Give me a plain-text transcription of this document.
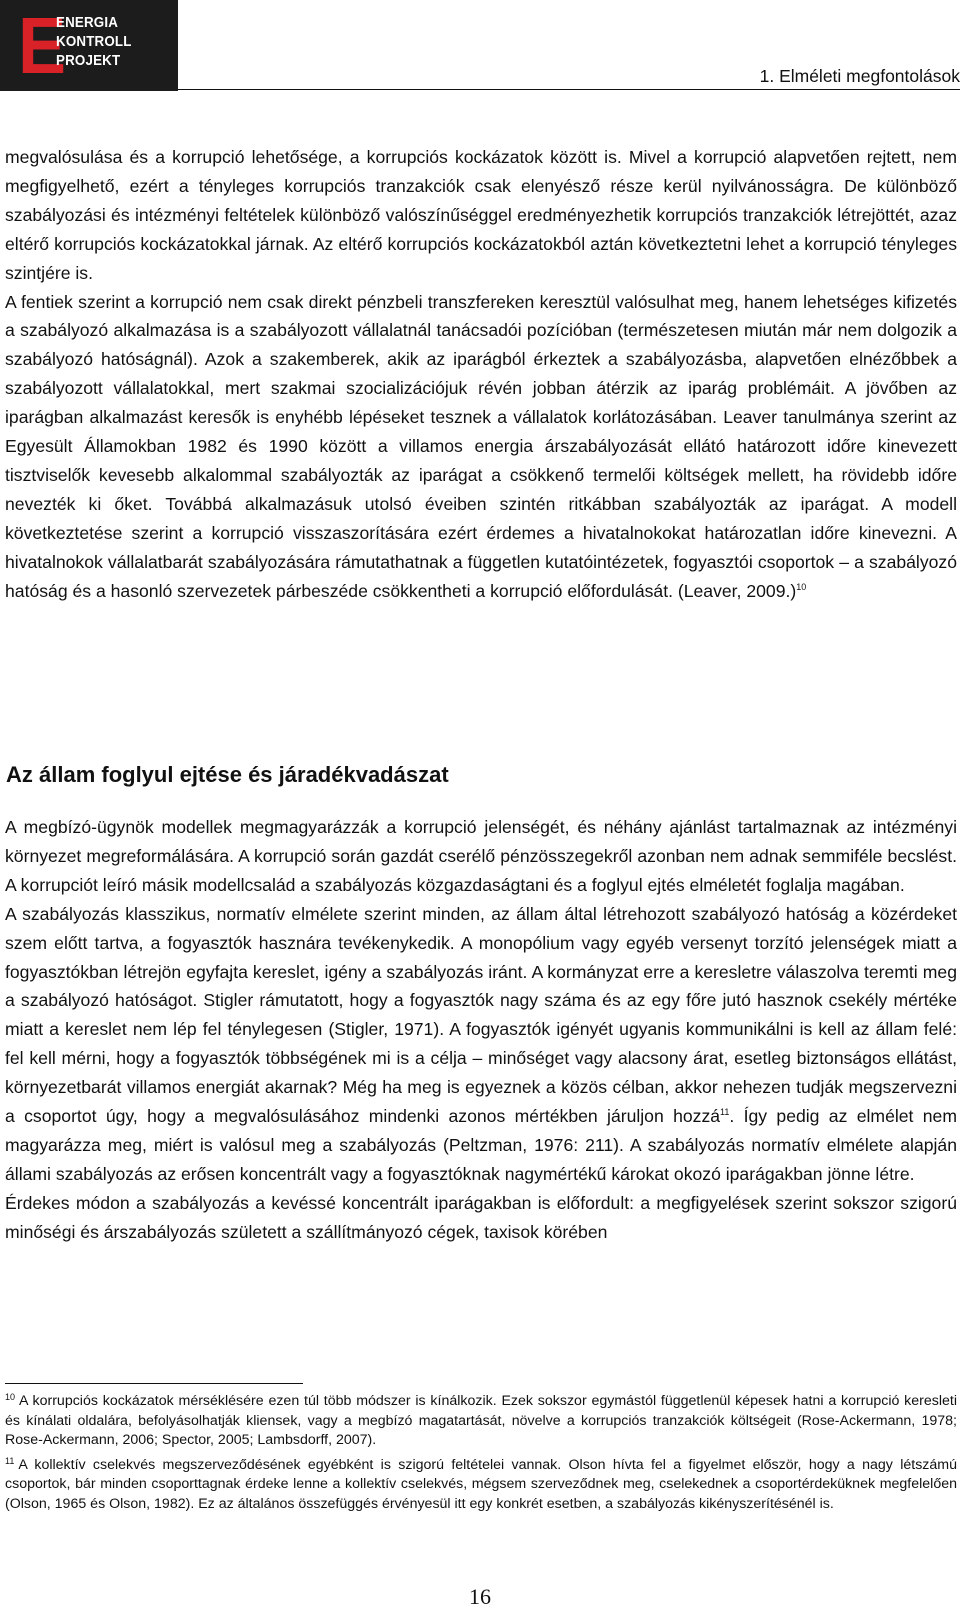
E
ENERGIA
KONTROLL
PROJEKT
1. Elméleti megfontolások

megvalósulása és a korrupció lehetősége, a korrupciós kockázatok között is. Mivel a korrupció alapvetően rejtett, nem megfigyelhető, ezért a tényleges korrupciós tranzakciók csak elenyésző része kerül nyilvánosságra. De különböző szabályozási és intézményi feltételek különböző valószínűséggel eredményezhetik korrupciós tranzakciók létrejöttét, azaz eltérő korrupciós kockázatokkal járnak. Az eltérő korrupciós kockázatokból aztán következtetni lehet a korrupció tényleges szintjére is.

A fentiek szerint a korrupció nem csak direkt pénzbeli transzfereken keresztül valósulhat meg, hanem lehetséges kifizetés a szabályozó alkalmazása is a szabályozott vállalatnál tanácsadói pozícióban (természetesen miután már nem dolgozik a szabályozó hatóságnál). Azok a szakemberek, akik az iparágból érkeztek a szabályozásba, alapvetően elnézőbbek a szabályozott vállalatokkal, mert szakmai szocializációjuk révén jobban átérzik az iparág problémáit. A jövőben az iparágban alkalmazást keresők is enyhébb lépéseket tesznek a vállalatok korlátozásában. Leaver tanulmánya szerint az Egyesült Államokban 1982 és 1990 között a villamos energia árszabályozását ellátó határozott időre kinevezett tisztviselők kevesebb alkalommal szabályozták az iparágat a csökkenő termelői költségek mellett, ha rövidebb időre nevezték ki őket. Továbbá alkalmazásuk utolsó éveiben szintén ritkábban szabályozták az iparágat. A modell következtetése szerint a korrupció visszaszorítására ezért érdemes a hivatalnokokat határozatlan időre kinevezni. A hivatalnokok vállalatbarát szabályozására rámutathatnak a független kutatóintézetek, fogyasztói csoportok – a szabályozó hatóság és a hasonló szervezetek párbeszéde csökkentheti a korrupció előfordulását. (Leaver, 2009.)$^{10}$

Az állam foglyul ejtése és járadékvadászat

A megbízó-ügynök modellek megmagyarázzák a korrupció jelenségét, és néhány ajánlást tartalmaznak az intézményi környezet megreformálására. A korrupció során gazdát cserélő pénzösszegekről azonban nem adnak semmiféle becslést. A korrupciót leíró másik modellcsalád a szabályozás közgazdaságtani és a foglyul ejtés elméletét foglalja magában.

A szabályozás klasszikus, normatív elmélete szerint minden, az állam által létrehozott szabályozó hatóság a közérdeket szem előtt tartva, a fogyasztók hasznára tevékenykedik. A monopólium vagy egyéb versenyt torzító jelenségek miatt a fogyasztókban létrejön egyfajta kereslet, igény a szabályozás iránt. A kormányzat erre a keresletre válaszolva teremti meg a szabályozó hatóságot. Stigler rámutatott, hogy a fogyasztók nagy száma és az egy főre jutó hasznok csekély mértéke miatt a kereslet nem lép fel ténylegesen (Stigler, 1971). A fogyasztók igényét ugyanis kommunikálni is kell az állam felé: fel kell mérni, hogy a fogyasztók többségének mi is a célja – minőséget vagy alacsony árat, esetleg biztonságos ellátást, környezetbarát villamos energiát akarnak? Még ha meg is egyeznek a közös célban, akkor nehezen tudják megszervezni a csoportot úgy, hogy a megvalósulásához mindenki azonos mértékben járuljon hozzá$^{11}$. Így pedig az elmélet nem magyarázza meg, miért is valósul meg a szabályozás (Peltzman, 1976: 211). A szabályozás normatív elmélete alapján állami szabályozás az erősen koncentrált vagy a fogyasztóknak nagymértékű károkat okozó iparágakban jönne létre.

Érdekes módon a szabályozás a kevéssé koncentrált iparágakban is előfordult: a megfigyelések szerint sokszor szigorú minőségi és árszabályozás született a szállítmányozó cégek, taxisok körében

$^{10}$ A korrupciós kockázatok mérséklésére ezen túl több módszer is kínálkozik. Ezek sokszor egymástól függetlenül képesek hatni a korrupció keresleti és kínálati oldalára, befolyásolhatják kliensek, vagy a megbízó magatartását, növelve a korrupciós tranzakciók költségeit (Rose-Ackermann, 1978; Rose-Ackermann, 2006; Spector, 2005; Lambsdorff, 2007).

$^{11}$ A kollektív cselekvés megszerveződésének egyébként is szigorú feltételei vannak. Olson hívta fel a figyelmet először, hogy a nagy létszámú csoportok, bár minden csoporttagnak érdeke lenne a kollektív cselekvés, mégsem szerveződnek meg, cselekednek a csoportérdeküknek megfelelően (Olson, 1965 és Olson, 1982). Ez az általános összefüggés érvényesül itt egy konkrét esetben, a szabályozás kikényszerítésénél is.

16
